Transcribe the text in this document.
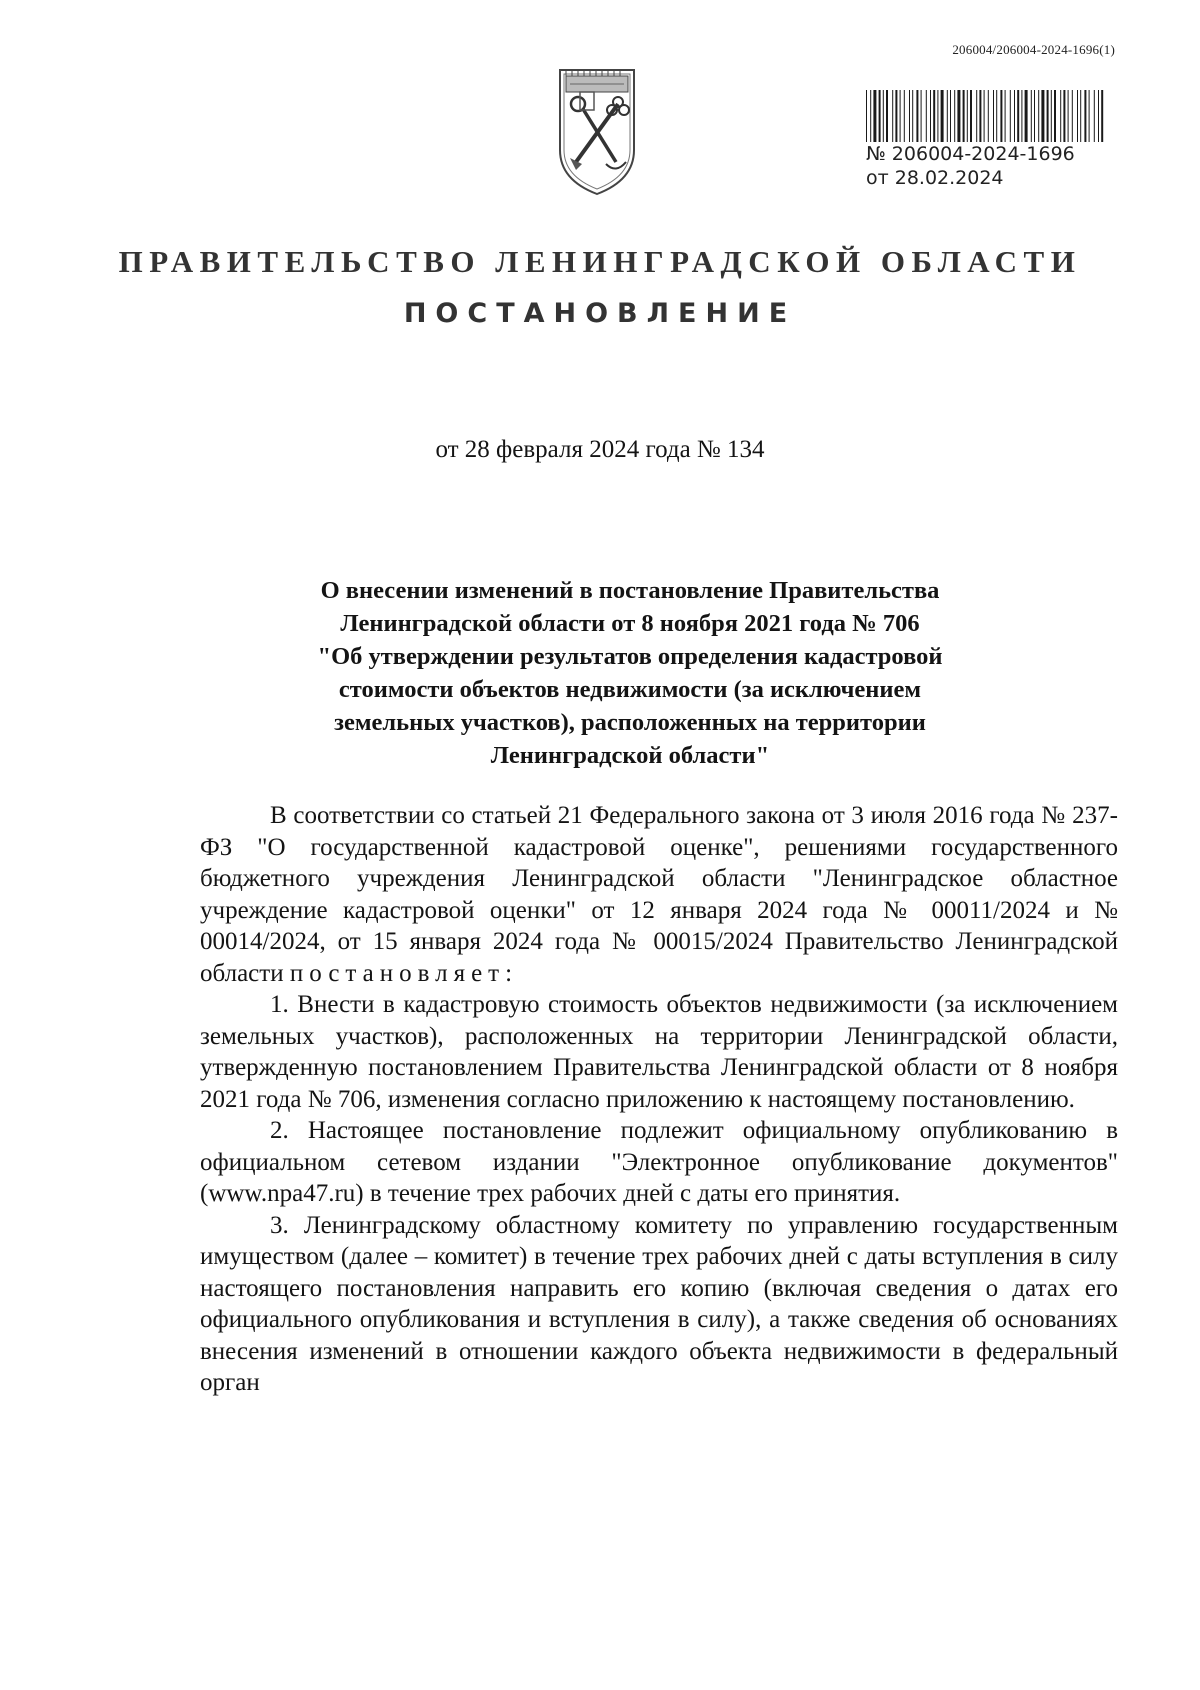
206004/206004-2024-1696(1)
№ 206004-2024-1696
от 28.02.2024
ПРАВИТЕЛЬСТВО ЛЕНИНГРАДСКОЙ ОБЛАСТИ
ПОСТАНОВЛЕНИЕ
от 28 февраля 2024 года № 134
О внесении изменений в постановление Правительства
Ленинградской области от 8 ноября 2021 года № 706
"Об утверждении результатов определения кадастровой
стоимости объектов недвижимости (за исключением
земельных участков), расположенных на территории
Ленинградской области"

В соответствии со статьей 21 Федерального закона от 3 июля 2016 года № 237-ФЗ "О государственной кадастровой оценке", решениями государственного бюджетного учреждения Ленинградской области "Ленинградское областное учреждение кадастровой оценки" от 12 января 2024 года № 00011/2024 и № 00014/2024, от 15 января 2024 года № 00015/2024 Правительство Ленинградской области постановляет:

1. Внести в кадастровую стоимость объектов недвижимости (за исключением земельных участков), расположенных на территории Ленинградской области, утвержденную постановлением Правительства Ленинградской области от 8 ноября 2021 года № 706, изменения согласно приложению к настоящему постановлению.

2. Настоящее постановление подлежит официальному опубликованию в официальном сетевом издании "Электронное опубликование документов" (www.npa47.ru) в течение трех рабочих дней с даты его принятия.

3. Ленинградскому областному комитету по управлению государственным имуществом (далее – комитет) в течение трех рабочих дней с даты вступления в силу настоящего постановления направить его копию (включая сведения о датах его официального опубликования и вступления в силу), а также сведения об основаниях внесения изменений в отношении каждого объекта недвижимости в федеральный орган
